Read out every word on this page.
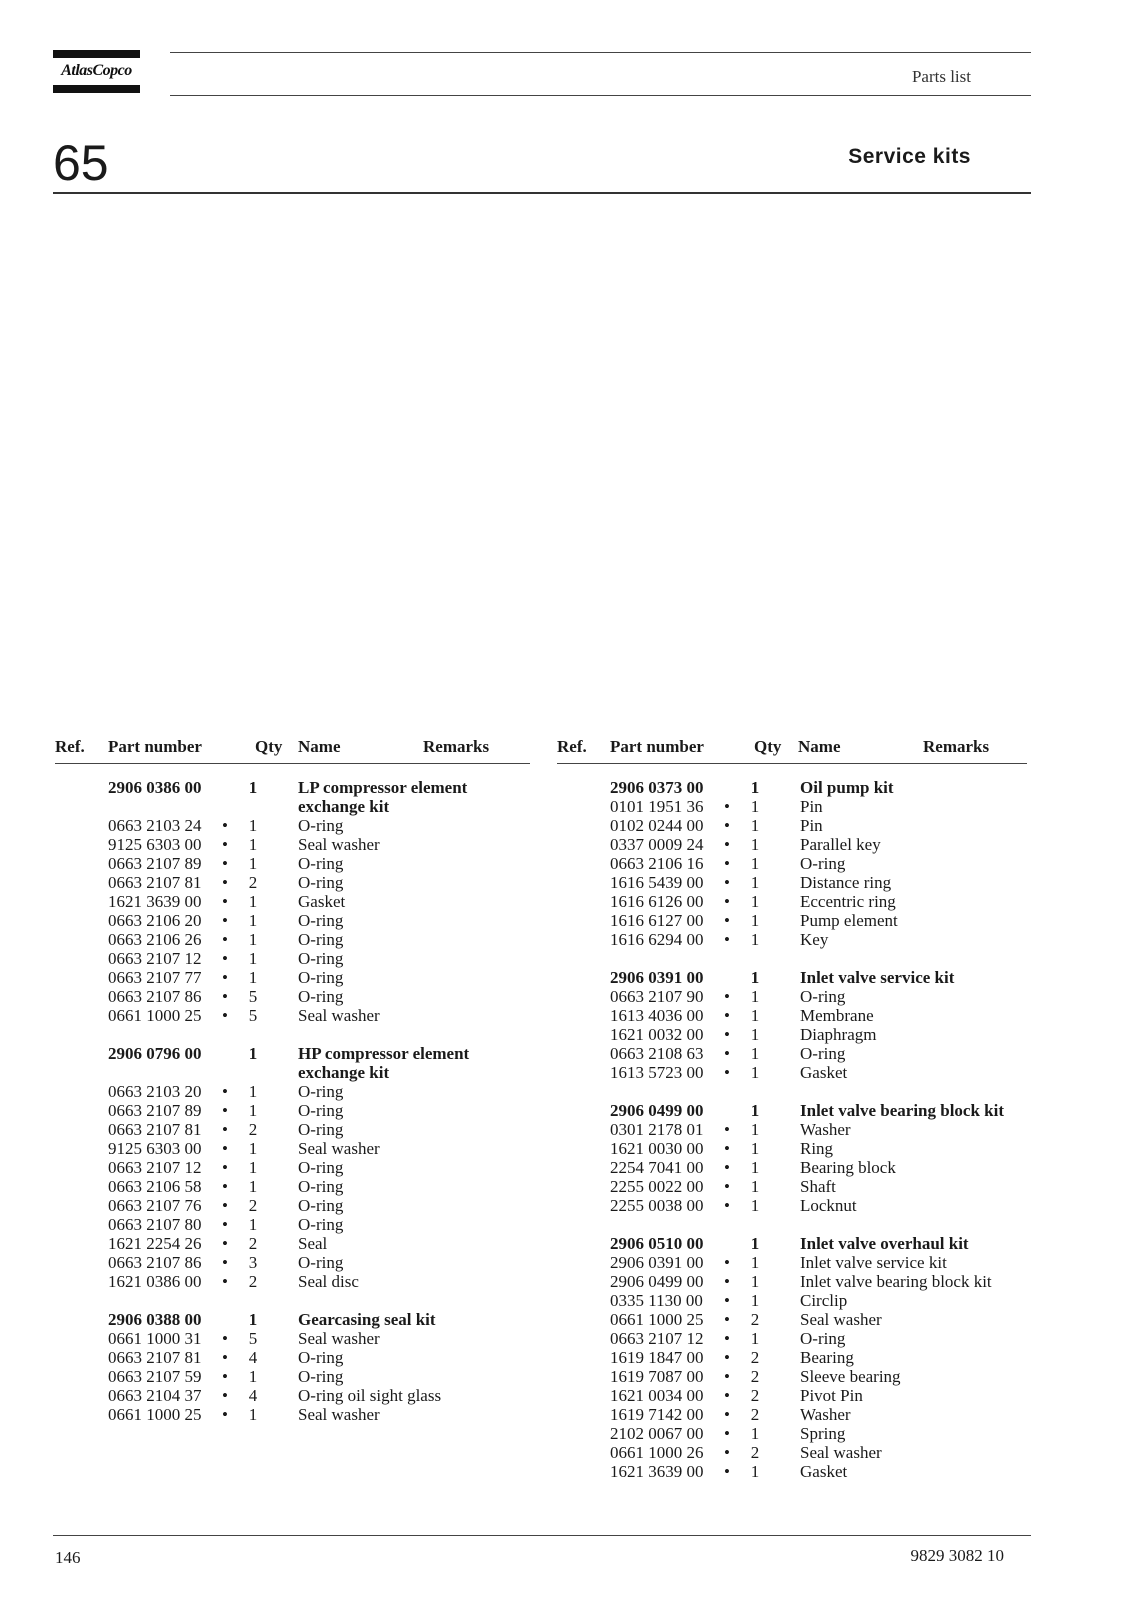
AtlasCopco	Parts list
65	Service kits
Ref. Part number	Qty Name	Remarks
2906 0386 00	1 LP compressor element
exchange kit
0663 2103 24 • 1 O-ring
9125 6303 00 • 1 Seal washer
0663 2107 89 • 1 O-ring
0663 2107 81 • 2 O-ring
1621 3639 00 • 1 Gasket
0663 2106 20 • 1 O-ring
0663 2106 26 • 1 O-ring
0663 2107 12 • 1 O-ring
0663 2107 77 • 1 O-ring
0663 2107 86 • 5 O-ring
0661 1000 25 • 5 Seal washer
2906 0796 00	1 HP compressor element
exchange kit
0663 2103 20 • 1 O-ring
0663 2107 89 • 1 O-ring
0663 2107 81 • 2 O-ring
9125 6303 00 • 1 Seal washer
0663 2107 12 • 1 O-ring
0663 2106 58 • 1 O-ring
0663 2107 76 • 2 O-ring
0663 2107 80 • 1 O-ring
1621 2254 26 • 2 Seal
0663 2107 86 • 3 O-ring
1621 0386 00 • 2 Seal disc
2906 0388 00	1 Gearcasing seal kit
0661 1000 31 • 5 Seal washer
0663 2107 81 • 4 O-ring
0663 2107 59 • 1 O-ring
0663 2104 37 • 4 O-ring oil sight glass
0661 1000 25 • 1 Seal washer
Ref. Part number	Qty Name	Remarks
2906 0373 00	1 Oil pump kit
0101 1951 36 • 1 Pin
0102 0244 00 • 1 Pin
0337 0009 24 • 1 Parallel key
0663 2106 16 • 1 O-ring
1616 5439 00 • 1 Distance ring
1616 6126 00 • 1 Eccentric ring
1616 6127 00 • 1 Pump element
1616 6294 00 • 1 Key
2906 0391 00	1 Inlet valve service kit
0663 2107 90 • 1 O-ring
1613 4036 00 • 1 Membrane
1621 0032 00 • 1 Diaphragm
0663 2108 63 • 1 O-ring
1613 5723 00 • 1 Gasket
2906 0499 00	1 Inlet valve bearing block kit
0301 2178 01 • 1 Washer
1621 0030 00 • 1 Ring
2254 7041 00 • 1 Bearing block
2255 0022 00 • 1 Shaft
2255 0038 00 • 1 Locknut
2906 0510 00	1 Inlet valve overhaul kit
2906 0391 00 • 1 Inlet valve service kit
2906 0499 00 • 1 Inlet valve bearing block kit
0335 1130 00 • 1 Circlip
0661 1000 25 • 2 Seal washer
0663 2107 12 • 1 O-ring
1619 1847 00 • 2 Bearing
1619 7087 00 • 2 Sleeve bearing
1621 0034 00 • 2 Pivot Pin
1619 7142 00 • 2 Washer
2102 0067 00 • 1 Spring
0661 1000 26 • 2 Seal washer
1621 3639 00 • 1 Gasket
146	9829 3082 10
